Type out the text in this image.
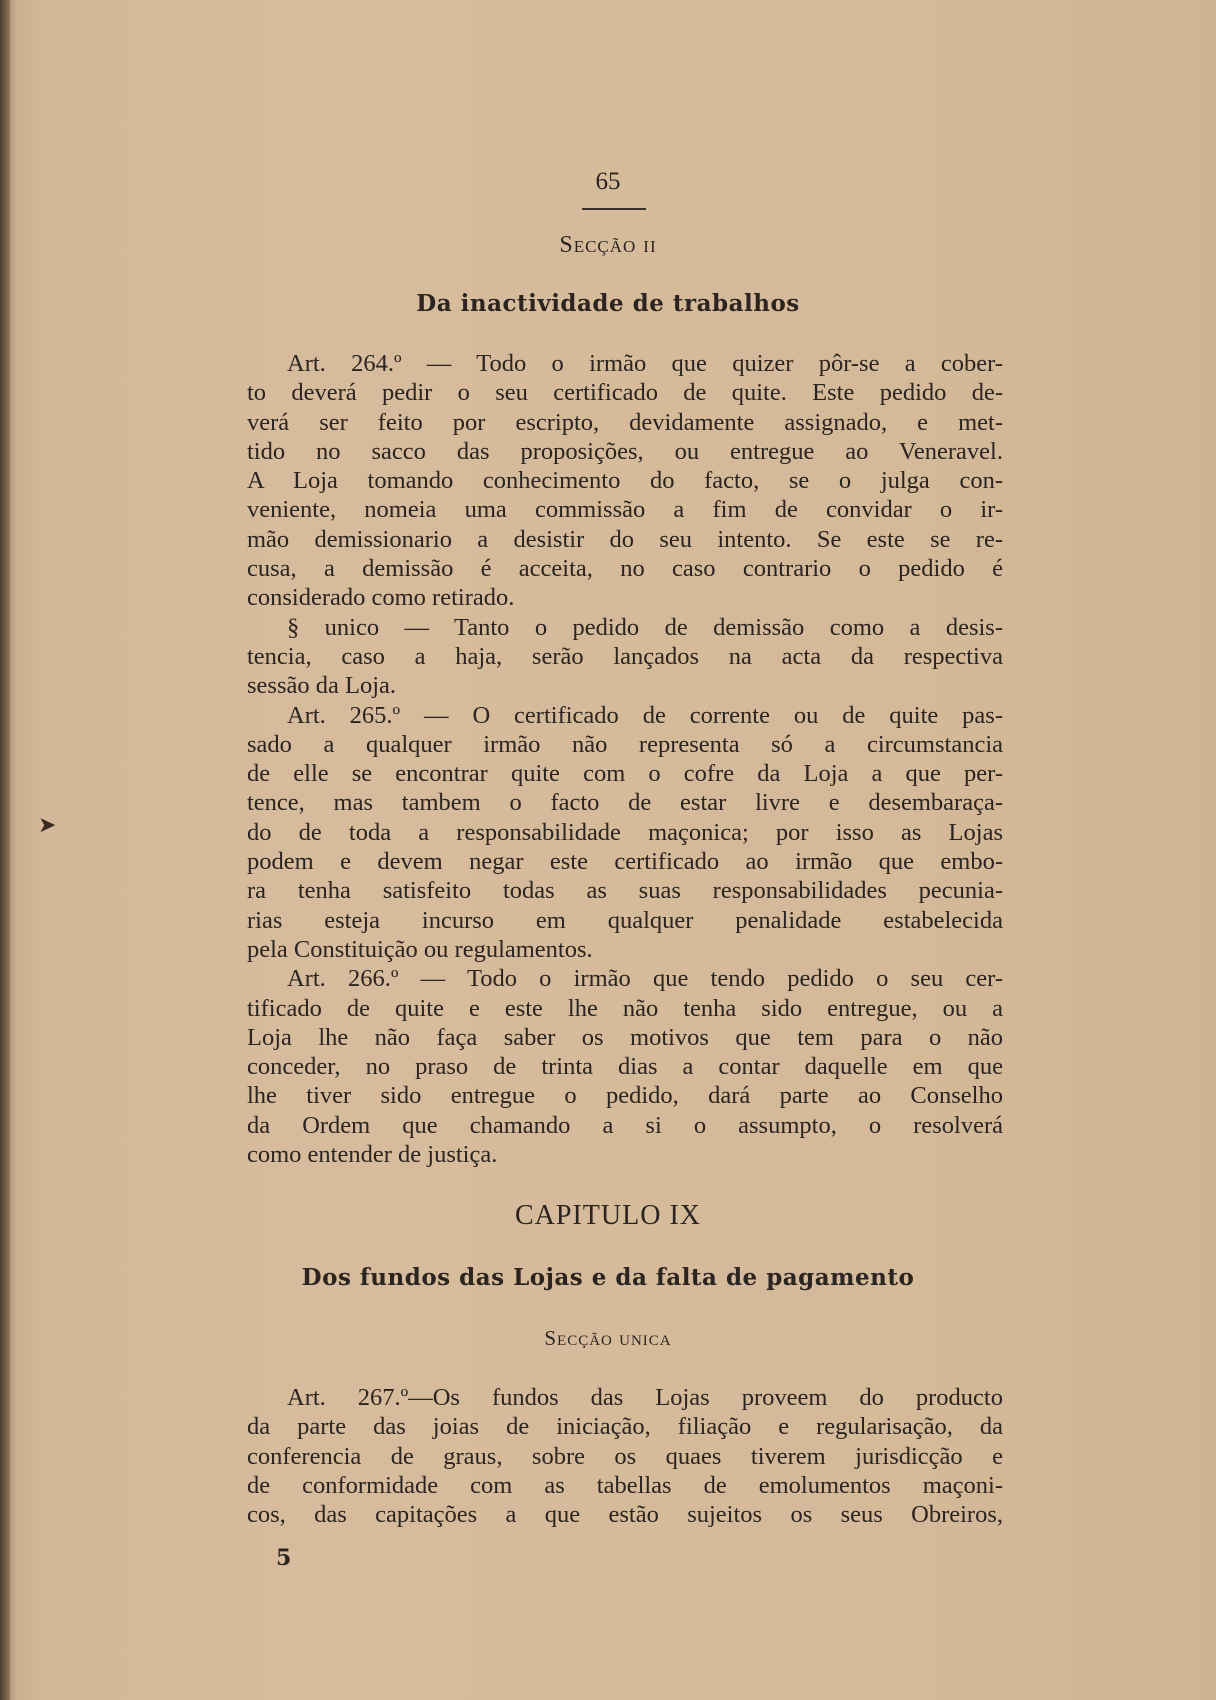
➤
65
Secção ii
Da inactividade de trabalhos
Art. 264.º — Todo o irmão que quizer pôr-se a cober-
to deverá pedir o seu certificado de quite. Este pedido de-
verá ser feito por escripto, devidamente assignado, e met-
tido no sacco das proposições, ou entregue ao Veneravel.
A Loja tomando conhecimento do facto, se o julga con-
veniente, nomeia uma commissão a fim de convidar o ir-
mão demissionario a desistir do seu intento. Se este se re-
cusa, a demissão é acceita, no caso contrario o pedido é
considerado como retirado.
§ unico — Tanto o pedido de demissão como a desis-
tencia, caso a haja, serão lançados na acta da respectiva
sessão da Loja.
Art. 265.º — O certificado de corrente ou de quite pas-
sado a qualquer irmão não representa só a circumstancia
de elle se encontrar quite com o cofre da Loja a que per-
tence, mas tambem o facto de estar livre e desembaraça-
do de toda a responsabilidade maçonica; por isso as Lojas
podem e devem negar este certificado ao irmão que embo-
ra tenha satisfeito todas as suas responsabilidades pecunia-
rias esteja incurso em qualquer penalidade estabelecida
pela Constituição ou regulamentos.
Art. 266.º — Todo o irmão que tendo pedido o seu cer-
tificado de quite e este lhe não tenha sido entregue, ou a
Loja lhe não faça saber os motivos que tem para o não
conceder, no praso de trinta dias a contar daquelle em que
lhe tiver sido entregue o pedido, dará parte ao Conselho
da Ordem que chamando a si o assumpto, o resolverá
como entender de justiça.
CAPITULO IX
Dos fundos das Lojas e da falta de pagamento
Secção unica
Art. 267.º—Os fundos das Lojas proveem do producto
da parte das joias de iniciação, filiação e regularisação, da
conferencia de graus, sobre os quaes tiverem jurisdicção e
de conformidade com as tabellas de emolumentos maçoni-
cos, das capitações a que estão sujeitos os seus Obreiros,
5
